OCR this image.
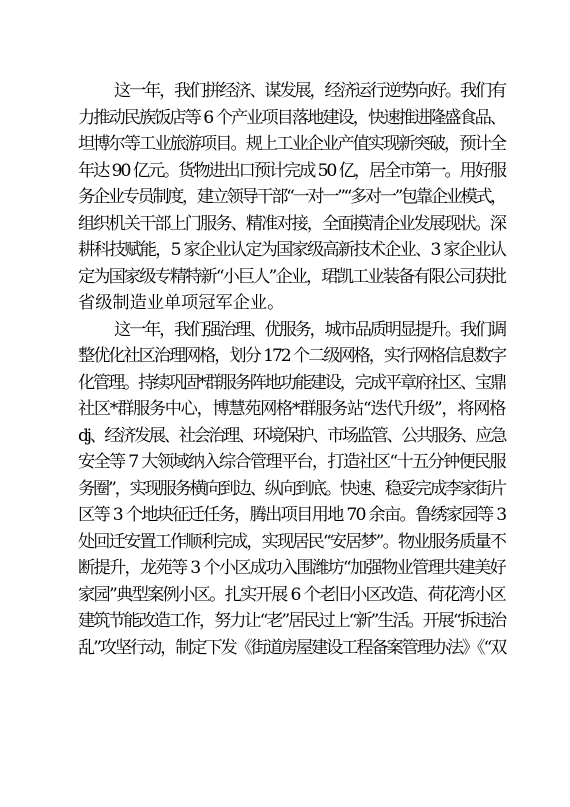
这一年，我们拼经济、谋发展，经济运行逆势向好。我们有
力推动民族饭店等 6 个产业项目落地建设，快速推进隆盛食品、
坦博尔等工业旅游项目。规上工业企业产值实现新突破，预计全
年达 90 亿元。货物进出口预计完成 50 亿，居全市第一。用好服
务企业专员制度，建立领导干部“一对一”“多对一”包靠企业模式，
组织机关干部上门服务、精准对接，全面摸清企业发展现状。深
耕科技赋能，5 家企业认定为国家级高新技术企业、3 家企业认
定为国家级专精特新“小巨人”企业，珺凯工业装备有限公司获批
省级制造业单项冠军企业。
这一年，我们强治理、优服务，城市品质明显提升。我们调
整优化社区治理网格，划分 172 个二级网格，实行网格信息数字
化管理。持续巩固*群服务阵地功能建设，完成平章府社区、宝鼎
社区*群服务中心，博慧苑网格*群服务站“迭代升级”，将网格
dj、经济发展、社会治理、环境保护、市场监管、公共服务、应急
安全等 7 大领域纳入综合管理平台，打造社区“十五分钟便民服
务圈”，实现服务横向到边、纵向到底。快速、稳妥完成李家街片
区等 3 个地块征迁任务，腾出项目用地 70 余亩。鲁绣家园等 3
处回迁安置工作顺利完成，实现居民“安居梦”。物业服务质量不
断提升，龙苑等 3 个小区成功入围潍坊“加强物业管理共建美好
家园”典型案例小区。扎实开展 6 个老旧小区改造、荷花湾小区
建筑节能改造工作，努力让“老”居民过上“新”生活。开展“拆违治
乱”攻坚行动，制定下发《街道房屋建设工程备案管理办法》《“双
